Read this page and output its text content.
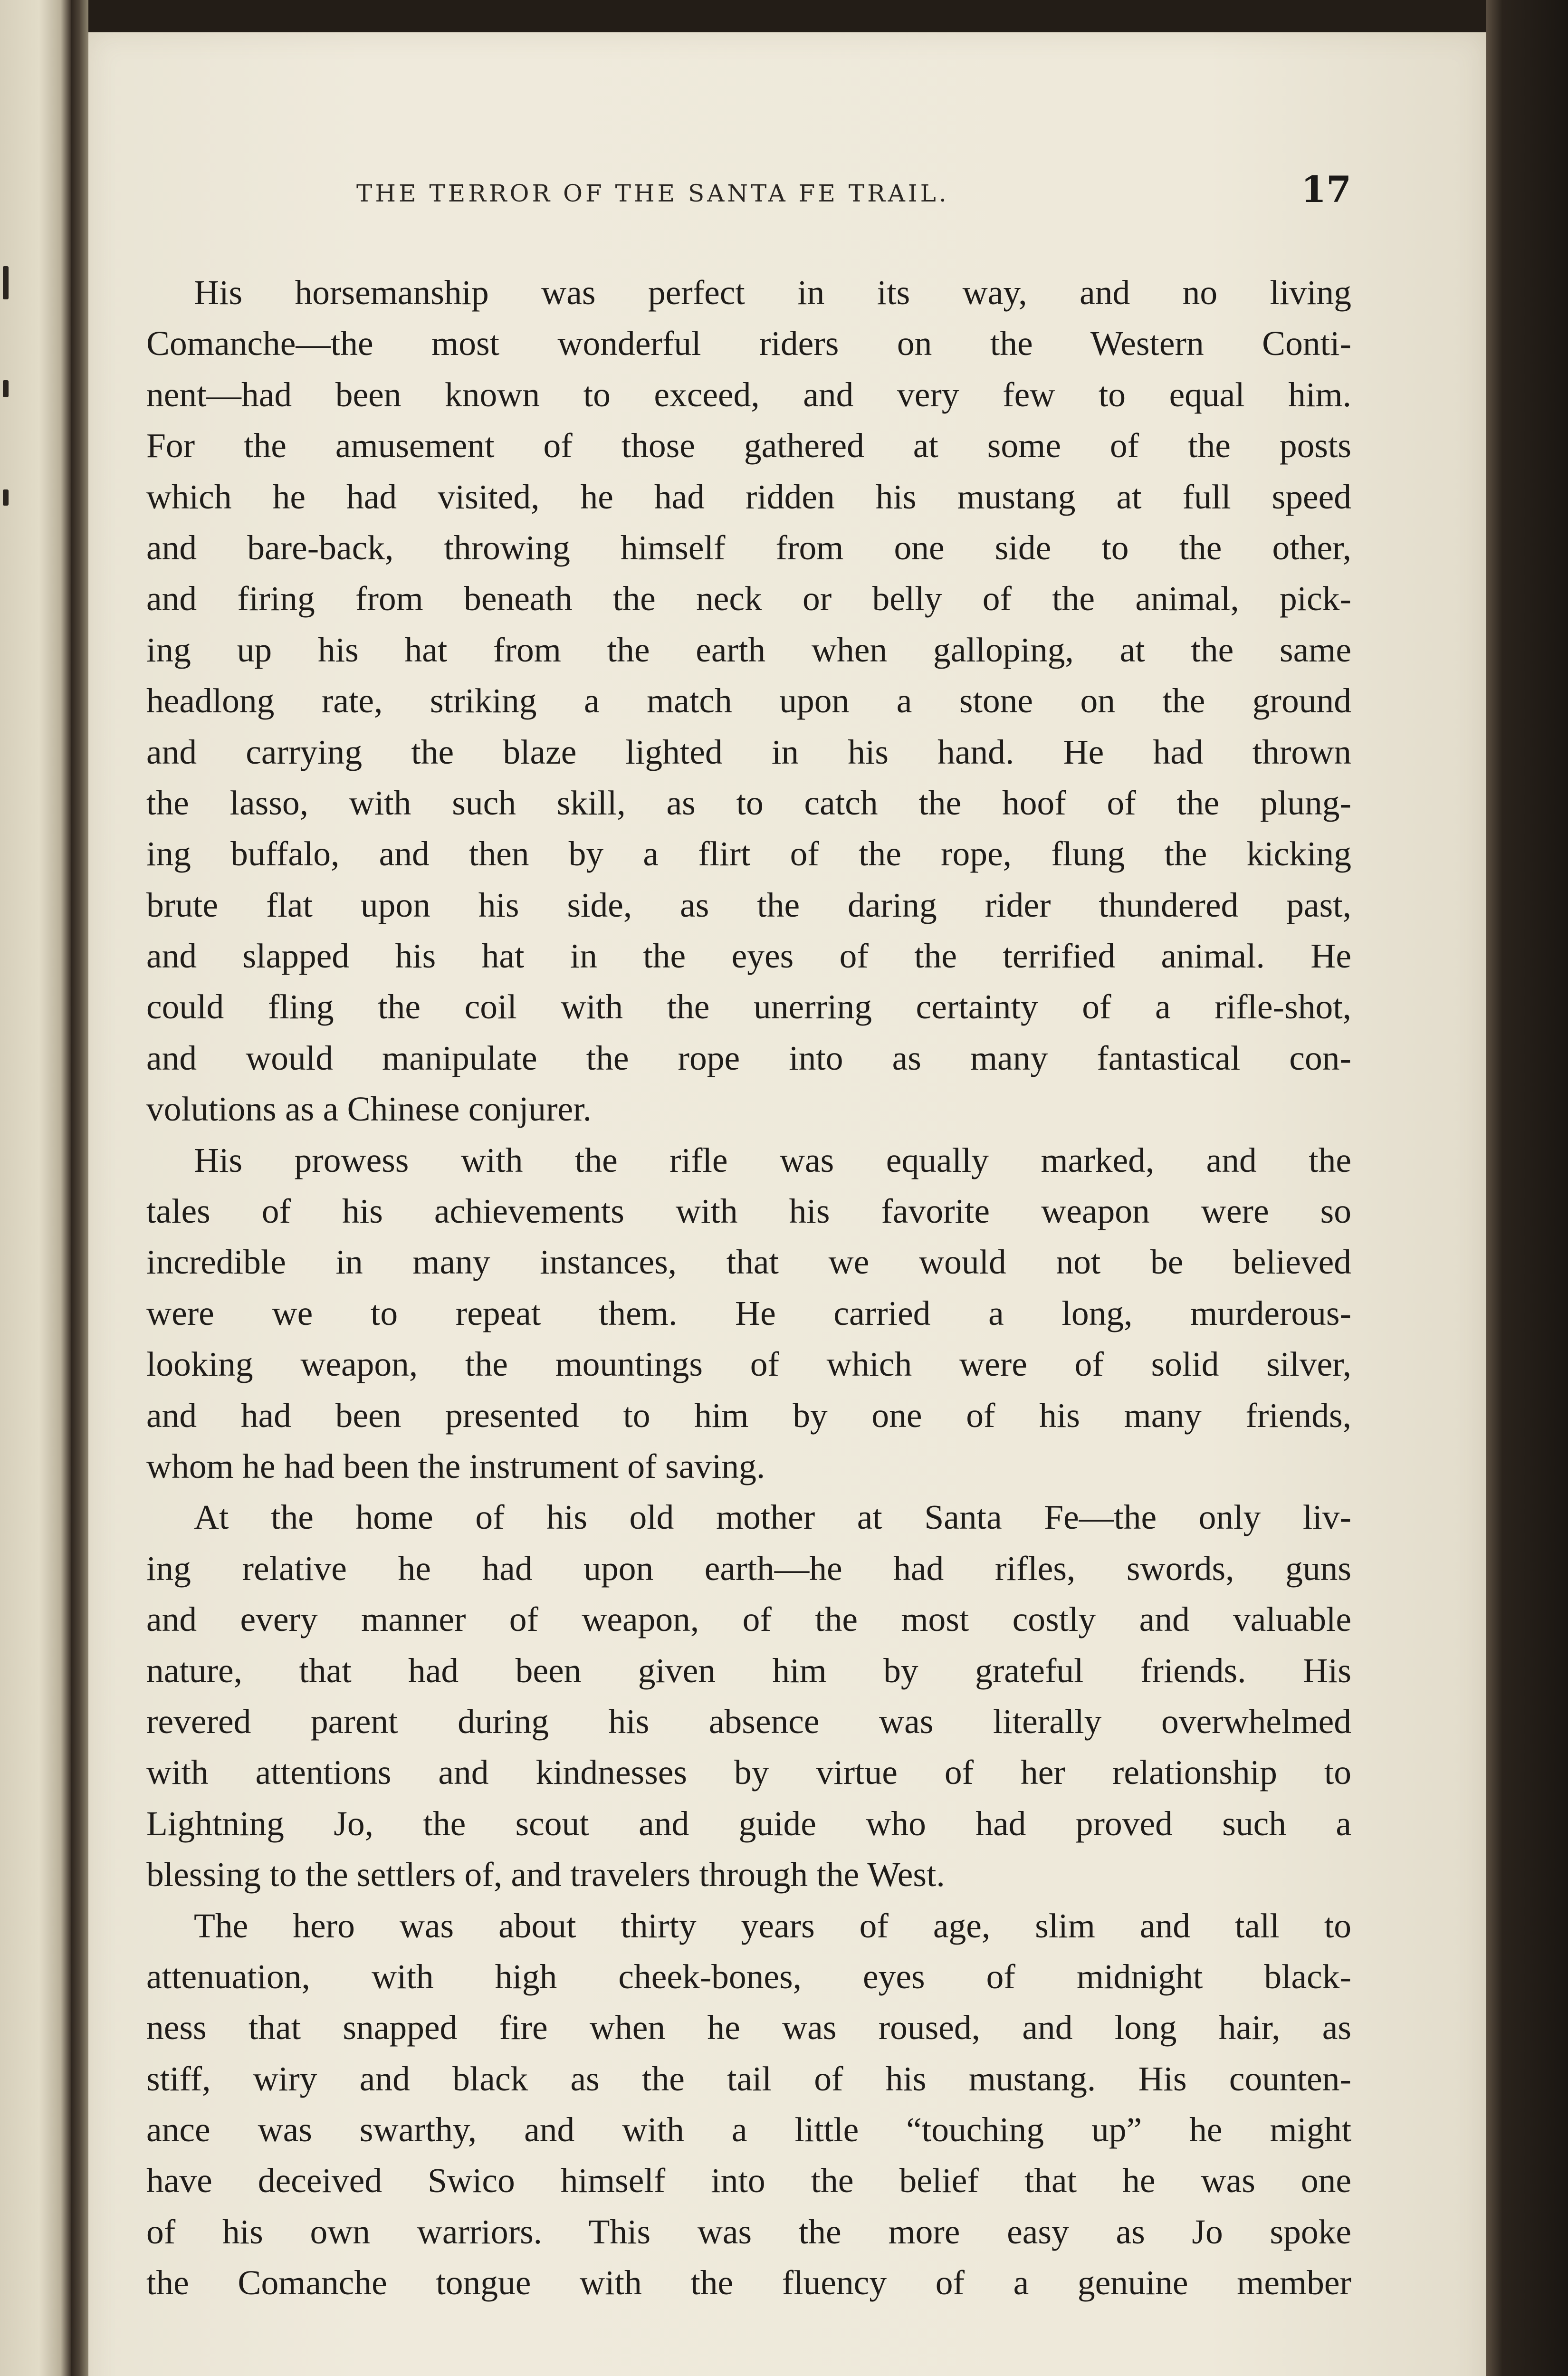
THE TERROR OF THE SANTA FE TRAIL.	17
His horsemanship was perfect in its way, and no living
Comanche—the most wonderful riders on the Western Conti-
nent—had been known to exceed, and very few to equal him.
For the amusement of those gathered at some of the posts
which he had visited, he had ridden his mustang at full speed
and bare-back, throwing himself from one side to the other,
and firing from beneath the neck or belly of the animal, pick-
ing up his hat from the earth when galloping, at the same
headlong rate, striking a match upon a stone on the ground
and carrying the blaze lighted in his hand. He had thrown
the lasso, with such skill, as to catch the hoof of the plung-
ing buffalo, and then by a flirt of the rope, flung the kicking
brute flat upon his side, as the daring rider thundered past,
and slapped his hat in the eyes of the terrified animal. He
could fling the coil with the unerring certainty of a rifle-shot,
and would manipulate the rope into as many fantastical con-
volutions as a Chinese conjurer.
His prowess with the rifle was equally marked, and the
tales of his achievements with his favorite weapon were so
incredible in many instances, that we would not be believed
were we to repeat them. He carried a long, murderous-
looking weapon, the mountings of which were of solid silver,
and had been presented to him by one of his many friends,
whom he had been the instrument of saving.
At the home of his old mother at Santa Fe—the only liv-
ing relative he had upon earth—he had rifles, swords, guns
and every manner of weapon, of the most costly and valuable
nature, that had been given him by grateful friends. His
revered parent during his absence was literally overwhelmed
with attentions and kindnesses by virtue of her relationship to
Lightning Jo, the scout and guide who had proved such a
blessing to the settlers of, and travelers through the West.
The hero was about thirty years of age, slim and tall to
attenuation, with high cheek-bones, eyes of midnight black-
ness that snapped fire when he was roused, and long hair, as
stiff, wiry and black as the tail of his mustang. His counten-
ance was swarthy, and with a little “touching up” he might
have deceived Swico himself into the belief that he was one
of his own warriors. This was the more easy as Jo spoke
the Comanche tongue with the fluency of a genuine member
